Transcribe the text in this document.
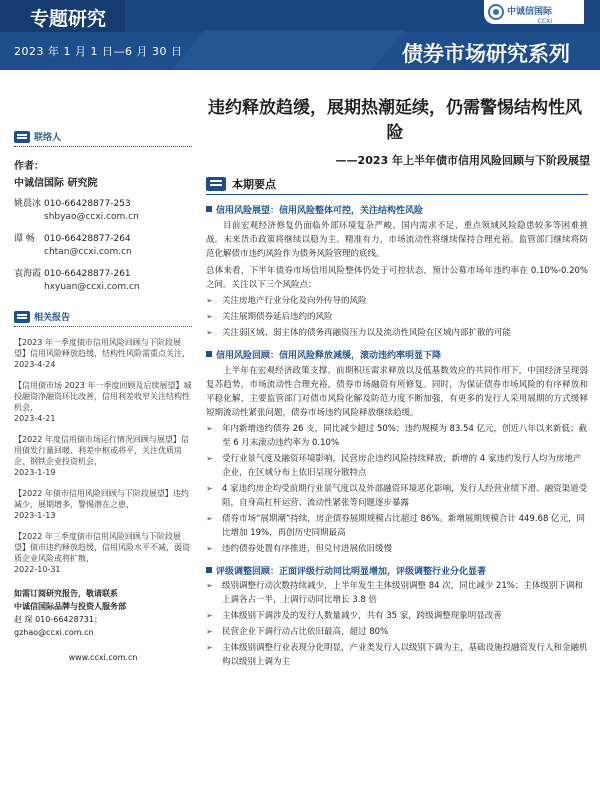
专题研究
2023 年 1 月 1 日—6 月 30 日	债券市场研究系列
中诚信国际
CCXI
违约释放趋缓，展期热潮延续，仍需警惕结构性风险
——2023 年上半年债市信用风险回顾与下阶段展望
联络人
作者：
中诚信国际 研究院
姚晨冰 010-66428877-253
shbyao@ccxi.com.cn
谭 畅	010-66428877-264
chtan@ccxi.com.cn
袁海霞 010-66428877-261
hxyuan@ccxi.com.cn
相关报告
【2023 年一季度债市信用风险回顾与下阶段展望】信用风险释放趋缓，结构性风险需重点关注，
2023-4-24
【信用债市场 2023 年一季度回顾及后续展望】城投融资净融资环比改善，信用利差收窄关注结构性机会，
2023-4-21
【2022 年度信用债市场运行情况回顾与展望】信用债发行量回暖、利差中枢或将平，关注优质房企、钢铁企业投资机会，
2023-1-19
【2022 年债市信用风险回顾与下阶段展望】违约减少，展期增多，警惕潜在之患，
2023-1-13
【2022 年三季度债市信用风险回顾与下阶段展望】债市违约释放趋缓，信用风险水平不减，弱资质企业风险或将扩散，
2022-10-31
如需订阅研究报告，敬请联系
中诚信国际品牌与投资人服务部
赵 琛 010-66428731；
gzhao@ccxi.com.cn
www.ccxi.com.cn
本期要点
信用风险展望：信用风险整体可控，关注结构性风险
目前宏观经济修复仍面临外部环境复杂严峻、国内需求不足、重点领域风险隐患较多等困难挑战。未来货币政策将继续以稳为主、精准有力，市场流动性将继续保持合理充裕。监管部门继续将防范化解债市违约风险作为债务风险管理的底线。
总体来看，下半年债券市场信用风险整体仍处于可控状态，预计公募市场年违约率在 0.10%-0.20%之间。关注以下三个风险点：
➢	关注房地产行业分化及向外传导的风险
➢	关注展期债券延后违约的风险
➢	关注弱区域、弱主体的债务再融资压力以及流动性风险在区域内部扩散的可能
信用风险回顾：信用风险释放减缓，滚动违约率明显下降
上半年在宏观经济政策支撑、前期积压需求释放以及低基数效应的共同作用下，中国经济呈现弱复苏趋势，市场流动性合理充裕，债券市场融资有所修复。同时，为保证债券市场风险的有序释放和平稳化解，主要监管部门对债市风险化解及防范力度不断加强，有更多的发行人采用展期的方式缓释短期流动性紧张问题，债券市场违约风险释放继续趋缓。
➢	年内新增违约债券 26 支，同比减少超过 50%；违约规模为 83.54 亿元，创近八年以来新低；截至 6 月末滚动违约率为 0.10%
➢	受行业景气度及融资环境影响，民营房企违约风险持续释放，新增的 4 家违约发行人均为房地产企业，在区域分布上依旧呈现分散特点
➢	4 家违约房企均受前期行业景气度以及外部融资环境恶化影响，发行人经营业绩下滑、融资渠道受阻，自身高杠杆运营、流动性紧张等问题逐步暴露
➢	债券市场“展期潮”持续，房企债券展期规模占比超过 86%。新增展期规模合计 449.68 亿元，同比增加 19%，再创历史同期最高
➢	违约债券处置有序推进，但兑付进展依旧缓慢
评级调整回顾：正面评级行动同比明显增加，评级调整行业分化显著
➢	级别调整行动次数持续减少，上半年发生主体级别调整 84 次，同比减少 21%；主体级别下调和上调各占一半，上调行动同比增长 3.8 倍
➢	主体级别下调涉及的发行人数量减少，共有 35 家，跨级调整现象明显改善
➢	民营企业下调行动占比依旧最高，超过 80%
➢	主体级别调整行业表现分化明显，产业类发行人以级别下调为主，基础设施投融资发行人和金融机构以级别上调为主
